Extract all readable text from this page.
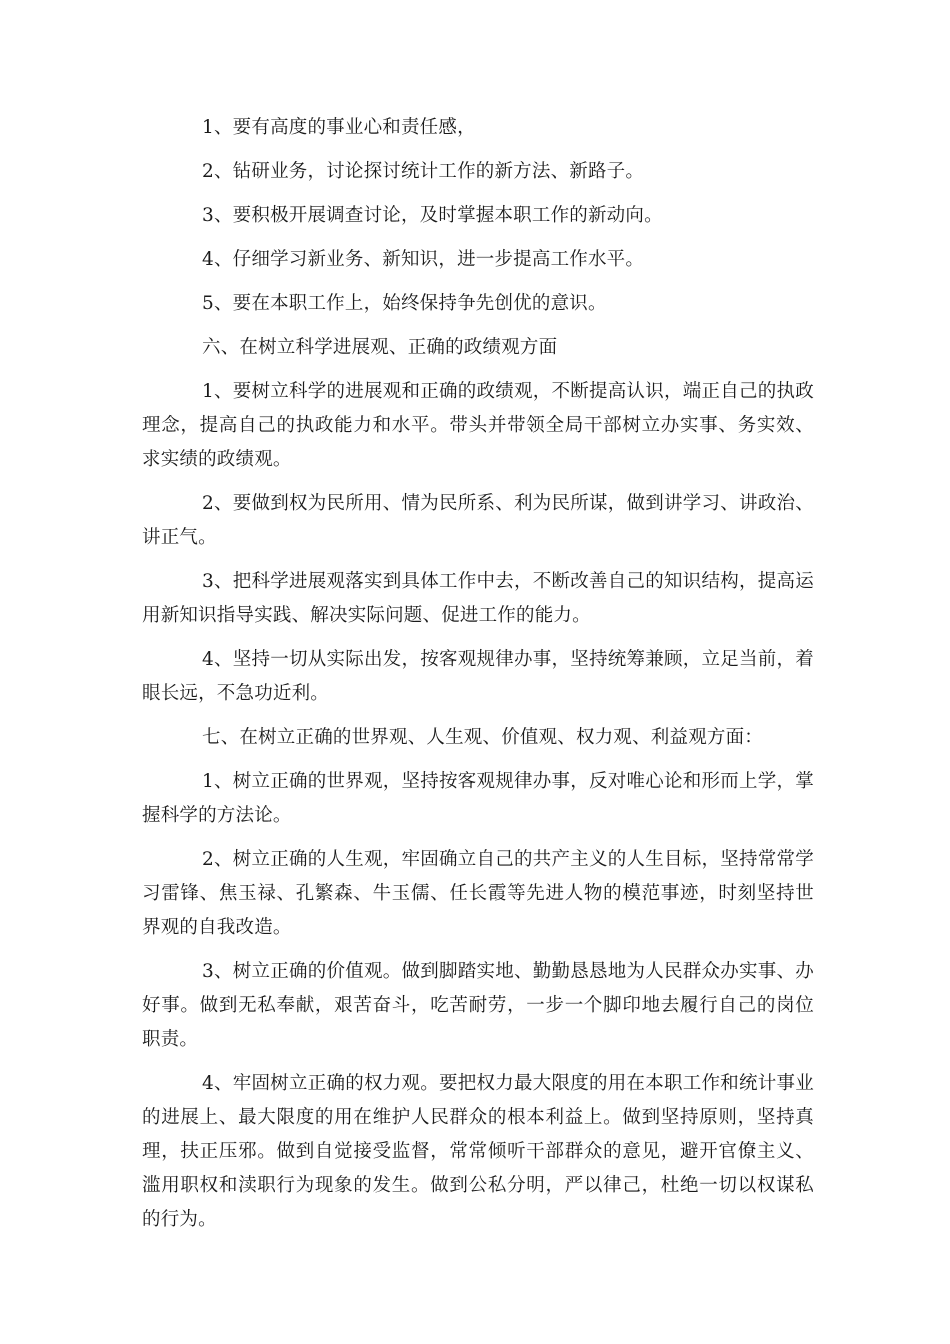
1、要有高度的事业心和责任感，

2、钻研业务，讨论探讨统计工作的新方法、新路子。

3、要积极开展调查讨论，及时掌握本职工作的新动向。

4、仔细学习新业务、新知识，进一步提高工作水平。

5、要在本职工作上，始终保持争先创优的意识。

六、在树立科学进展观、正确的政绩观方面

1、要树立科学的进展观和正确的政绩观，不断提高认识，端正自己的执政理念，提高自己的执政能力和水平。带头并带领全局干部树立办实事、务实效、求实绩的政绩观。

2、要做到权为民所用、情为民所系、利为民所谋，做到讲学习、讲政治、讲正气。

3、把科学进展观落实到具体工作中去，不断改善自己的知识结构，提高运用新知识指导实践、解决实际问题、促进工作的能力。

4、坚持一切从实际出发，按客观规律办事，坚持统筹兼顾，立足当前，着眼长远，不急功近利。

七、在树立正确的世界观、人生观、价值观、权力观、利益观方面：

1、树立正确的世界观，坚持按客观规律办事，反对唯心论和形而上学，掌握科学的方法论。

2、树立正确的人生观，牢固确立自己的共产主义的人生目标，坚持常常学习雷锋、焦玉禄、孔繁森、牛玉儒、任长霞等先进人物的模范事迹，时刻坚持世界观的自我改造。

3、树立正确的价值观。做到脚踏实地、勤勤恳恳地为人民群众办实事、办好事。做到无私奉献，艰苦奋斗，吃苦耐劳，一步一个脚印地去履行自己的岗位职责。

4、牢固树立正确的权力观。要把权力最大限度的用在本职工作和统计事业的进展上、最大限度的用在维护人民群众的根本利益上。做到坚持原则，坚持真理，扶正压邪。做到自觉接受监督，常常倾听干部群众的意见，避开官僚主义、滥用职权和渎职行为现象的发生。做到公私分明，严以律己，杜绝一切以权谋私的行为。
